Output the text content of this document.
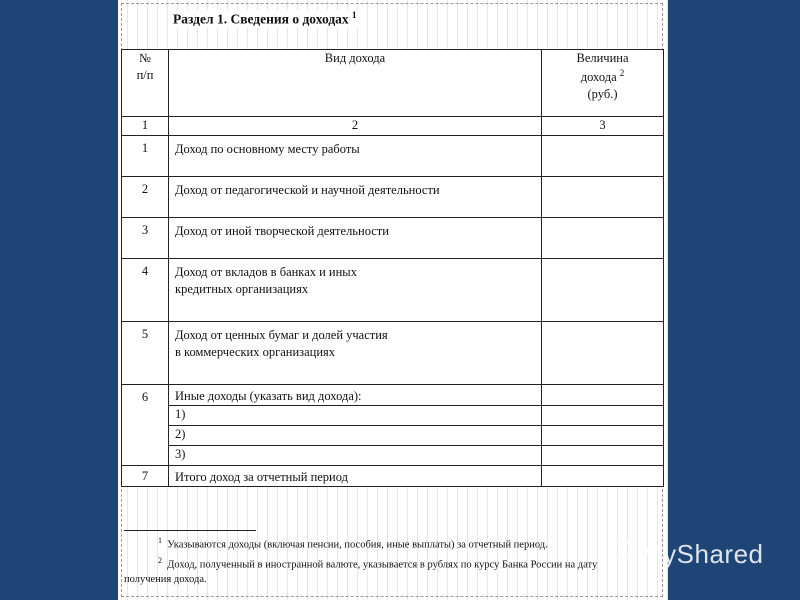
Раздел 1. Сведения о доходах $^1$
№
п/п	Вид дохода	Величина
дохода $^2$
(руб.)

1	2	3
1	Доход по основному месту работы	
2	Доход от педагогической и научной деятельности	
3	Доход от иной творческой деятельности	
4	Доход от вкладов в банках и иных
кредитных организациях	

5	Доход от ценных бумаг и долей участия
в коммерческих организациях	

6	Иные доходы (указать вид дохода):	
	1)	
	2)	
	3)	
7	Итого доход за отчетный период	
$^1$ Указываются доходы (включая пенсии, пособия, иные выплаты) за отчетный период.
$^2$ Доход, полученный в иностранной валюте, указывается в рублях по курсу Банка России на дату
получения дохода.
MyShared
